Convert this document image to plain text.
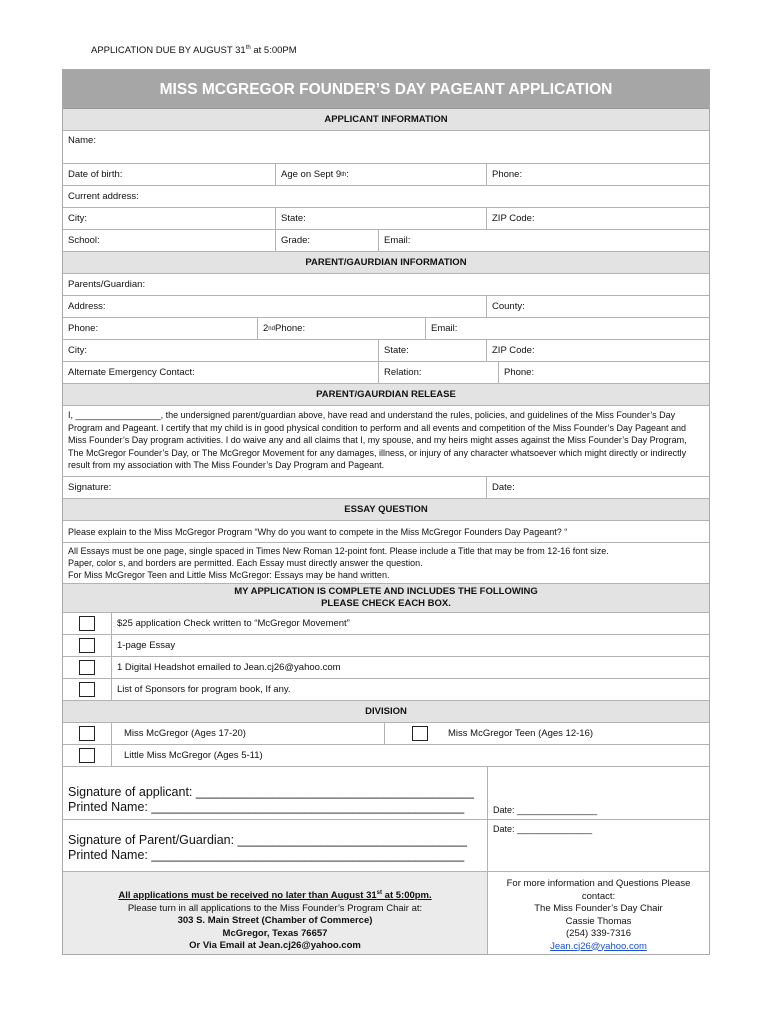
APPLICATION DUE BY AUGUST 31th at 5:00PM
MISS MCGREGOR FOUNDER’S DAY PAGEANT APPLICATION
APPLICANT INFORMATION
Name:
Date of birth:	Age on Sept 9 th :	Phone:
Current address:
City:	State:	ZIP Code:
School:	Grade:	Email:
PARENT/GAURDIAN INFORMATION
Parents/Guardian:
Address:	County:
Phone:	2 nd Phone:	Email:
City:	State:	ZIP Code:
Alternate Emergency Contact:	Relation:	Phone:
PARENT/GAURDIAN RELEASE
I, _________________, the undersigned parent/guardian above, have read and understand the rules, policies, and guidelines of the Miss Founder’s Day Program and Pageant. I certify that my child is in good physical condition to perform and all events and competition of the Miss Founder’s Day Pageant and Miss Founder’s Day program activities. I do waive any and all claims that I, my spouse, and my heirs might asses against the Miss Founder’s Day Program, The McGregor Founder’s Day, or The McGregor Movement for any damages, illness, or injury of any character whatsoever which might directly or indirectly result from my association with The Miss Founder’s Day Program and Pageant.
Signature:	Date:
ESSAY QUESTION
Please explain to the Miss McGregor Program “Why do you want to compete in the Miss McGregor Founders Day Pageant? “
All Essays must be one page, single spaced in Times New Roman 12-point font. Please include a Title that may be from 12-16 font size.
Paper, color s, and borders are permitted. Each Essay must directly answer the question.
For Miss McGregor Teen and Little Miss McGregor: Essays may be hand written.
MY APPLICATION IS COMPLETE AND INCLUDES THE FOLLOWING
PLEASE CHECK EACH BOX.
$25 application Check written to “McGregor Movement”
1-page Essay
1 Digital Headshot emailed to Jean.cj26@yahoo.com
List of Sponsors for program book, If any.
DIVISION
Miss McGregor (Ages 17-20)	Miss McGregor Teen (Ages 12-16)
Little Miss McGregor (Ages 5-11)
Signature of applicant: ________________________________________
Printed Name: _____________________________________________	Date: ________________
Signature of Parent/Guardian: _________________________________
Printed Name: _____________________________________________
Date: _______________
All applications must be received no later than August 31st at 5:00pm.
Please turn in all applications to the Miss Founder’s Program Chair at:
303 S. Main Street (Chamber of Commerce)
McGregor, Texas 76657
Or Via Email at Jean.cj26@yahoo.com
For more information and Questions Please
contact:
The Miss Founder’s Day Chair
Cassie Thomas
(254) 339-7316
Jean.cj26@yahoo.com
